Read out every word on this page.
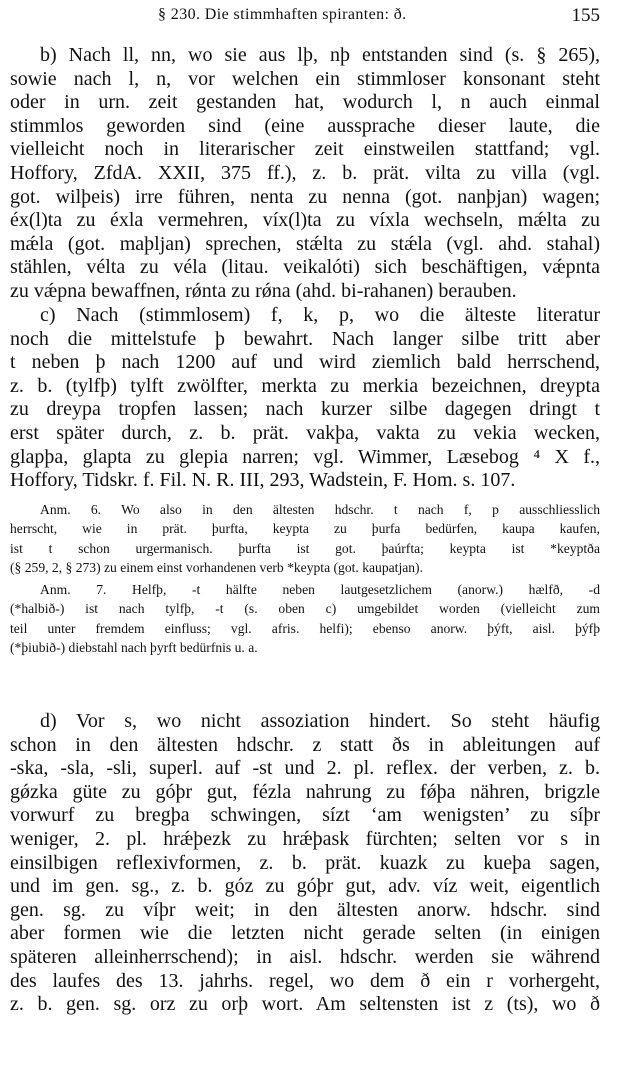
§ 230. Die stimmhaften spiranten: ð.	155
b) Nach ll, nn, wo sie aus lþ, nþ entstanden sind (s. § 265),
sowie nach l, n, vor welchen ein stimmloser konsonant steht
oder in urn. zeit gestanden hat, wodurch l, n auch einmal
stimmlos geworden sind (eine aussprache dieser laute, die
vielleicht noch in literarischer zeit einstweilen stattfand; vgl.
Hoffory, ZfdA. XXII, 375 ff.), z. b. prät. vilta zu villa (vgl.
got. wilþeis) irre führen, nenta zu nenna (got. nanþjan) wagen;
éx(l)ta zu éxla vermehren, víx(l)ta zu víxla wechseln, mǽlta zu
mǽla (got. maþljan) sprechen, stǽlta zu stǽla (vgl. ahd. stahal)
stählen, vélta zu véla (litau. veikalóti) sich beschäftigen, vǽpnta
zu vǽpna bewaffnen, rǿnta zu rǿna (ahd. bi-rahanen) berauben.
c) Nach (stimmlosem) f, k, p, wo die älteste literatur
noch die mittelstufe þ bewahrt. Nach langer silbe tritt aber
t neben þ nach 1200 auf und wird ziemlich bald herrschend,
z. b. (tylfþ) tylft zwölfter, merkta zu merkia bezeichnen, dreypta
zu dreypa tropfen lassen; nach kurzer silbe dagegen dringt t
erst später durch, z. b. prät. vakþa, vakta zu vekia wecken,
glapþa, glapta zu glepia narren; vgl. Wimmer, Læsebog ⁴ X f.,
Hoffory, Tidskr. f. Fil. N. R. III, 293, Wadstein, F. Hom. s. 107.
Anm. 6. Wo also in den ältesten hdschr. t nach f, p ausschliesslich
herrscht, wie in prät. þurfta, keypta zu þurfa bedürfen, kaupa kaufen,
ist t schon urgermanisch. þurfta ist got. þaúrfta; keypta ist *keyptða
(§ 259, 2, § 273) zu einem einst vorhandenen verb *keypta (got. kaupatjan).
Anm. 7. Helfþ, -t hälfte neben lautgesetzlichem (anorw.) hælfð, -d
(*halbið-) ist nach tylfþ, -t (s. oben c) umgebildet worden (vielleicht zum
teil unter fremdem einfluss; vgl. afris. helfi); ebenso anorw. þýft, aisl. þýfþ
(*þiubið-) diebstahl nach þyrft bedürfnis u. a.
d) Vor s, wo nicht assoziation hindert. So steht häufig
schon in den ältesten hdschr. z statt ðs in ableitungen auf
-ska, -sla, -sli, superl. auf -st und 2. pl. reflex. der verben, z. b.
gǿzka güte zu góþr gut, fézla nahrung zu fǿþa nähren, brigzle
vorwurf zu bregþa schwingen, sízt ‘am wenigsten’ zu síþr
weniger, 2. pl. hrǽþezk zu hrǽþask fürchten; selten vor s in
einsilbigen reflexivformen, z. b. prät. kuazk zu kueþa sagen,
und im gen. sg., z. b. góz zu góþr gut, adv. víz weit, eigentlich
gen. sg. zu víþr weit; in den ältesten anorw. hdschr. sind
aber formen wie die letzten nicht gerade selten (in einigen
späteren alleinherrschend); in aisl. hdschr. werden sie während
des laufes des 13. jahrhs. regel, wo dem ð ein r vorhergeht,
z. b. gen. sg. orz zu orþ wort. Am seltensten ist z (ts), wo ð
